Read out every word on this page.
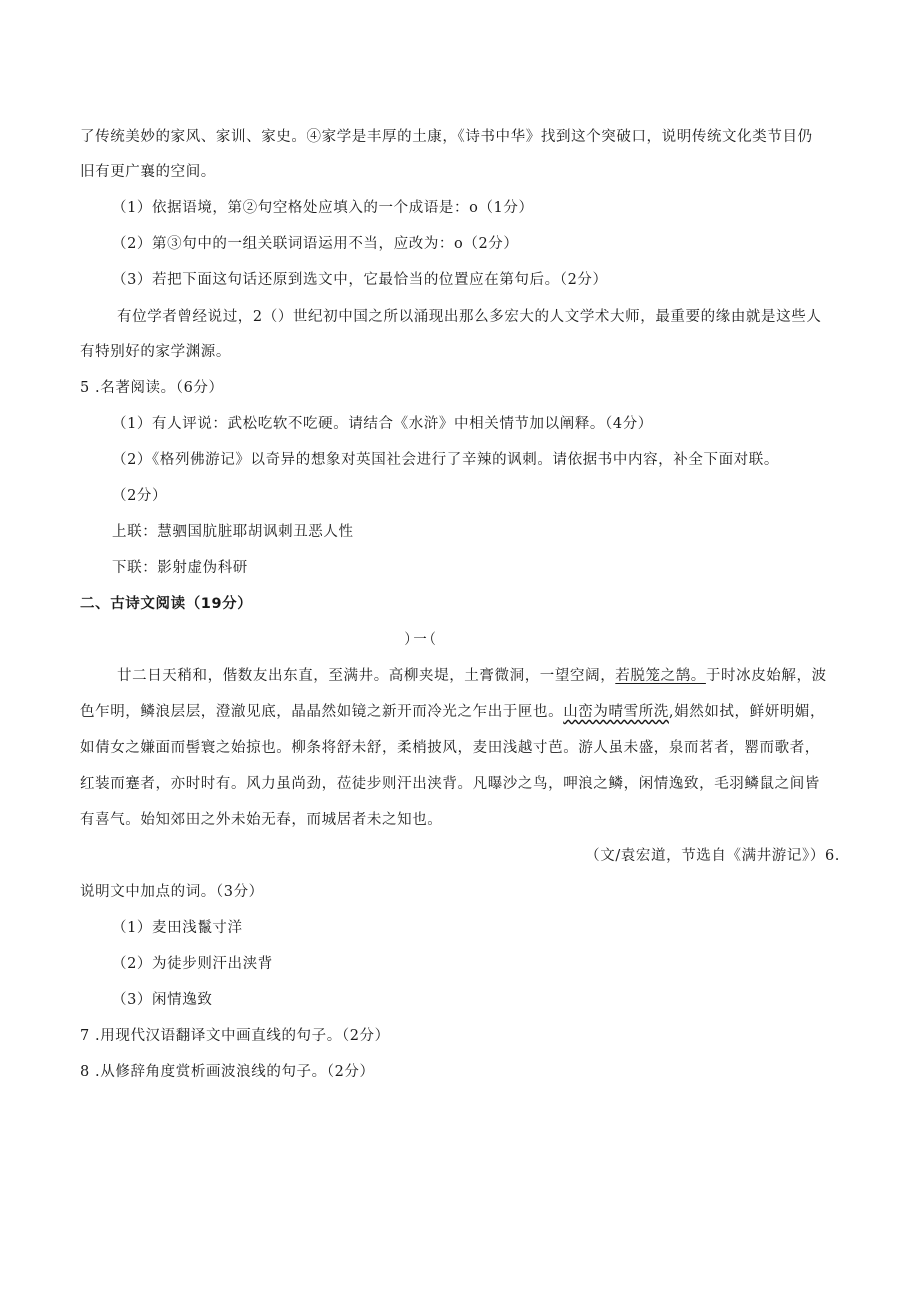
了传统美妙的家风、家训、家史。④家学是丰厚的土康，《诗书中华》找到这个突破口，说明传统文化类节目仍
旧有更广襄的空间。
（1）依据语境，第②句空格处应填入的一个成语是：o（1分）
（2）第③句中的一组关联词语运用不当，应改为：o（2分）
（3）若把下面这句话还原到选文中，它最恰当的位置应在第句后。（2分）
有位学者曾经说过，2（）世纪初中国之所以涌现出那么多宏大的人文学术大师，最重要的缘由就是这些人
有特别好的家学渊源。
5 .名著阅读。（6分）
（1）有人评说：武松吃软不吃硬。请结合《水浒》中相关情节加以阐释。（4分）
（2）《格列佛游记》以奇异的想象对英国社会进行了辛辣的讽刺。请依据书中内容，补全下面对联。
（2分）
上联：慧驷国肮脏耶胡讽刺丑恶人性
下联：影射虚伪科研
二、古诗文阅读（19分）
廿二日天稍和，偕数友出东直，至满井。高柳夹堤，土膏微洞，一望空阔，若脱笼之鹄。于时冰皮始解，波
色乍明，鳞浪层层，澄澈见底，晶晶然如镜之新开而冷光之乍出于匣也。山峦为晴雪所洗,娟然如拭，鲜妍明媚，
如倩女之嫌面而髻寰之始掠也。柳条将舒未舒，柔梢披风，麦田浅越寸芭。游人虽未盛，泉而茗者，罂而歌者，
红装而蹇者，亦时时有。风力虽尚劲，莅徒步则汗出浃背。凡曝沙之鸟，呷浪之鳞，闲情逸致，毛羽鳞鼠之间皆
有喜气。始知郊田之外未始无春，而城居者未之知也。
（文/袁宏道，节选自《满井游记》）6.
说明文中加点的词。（3分）
（1）麦田浅鬣寸洋
（2）为徒步则汗出浃背
（3）闲情逸致
7 .用现代汉语翻译文中画直线的句子。（2分）
8 .从修辞角度赏析画波浪线的句子。（2分）
